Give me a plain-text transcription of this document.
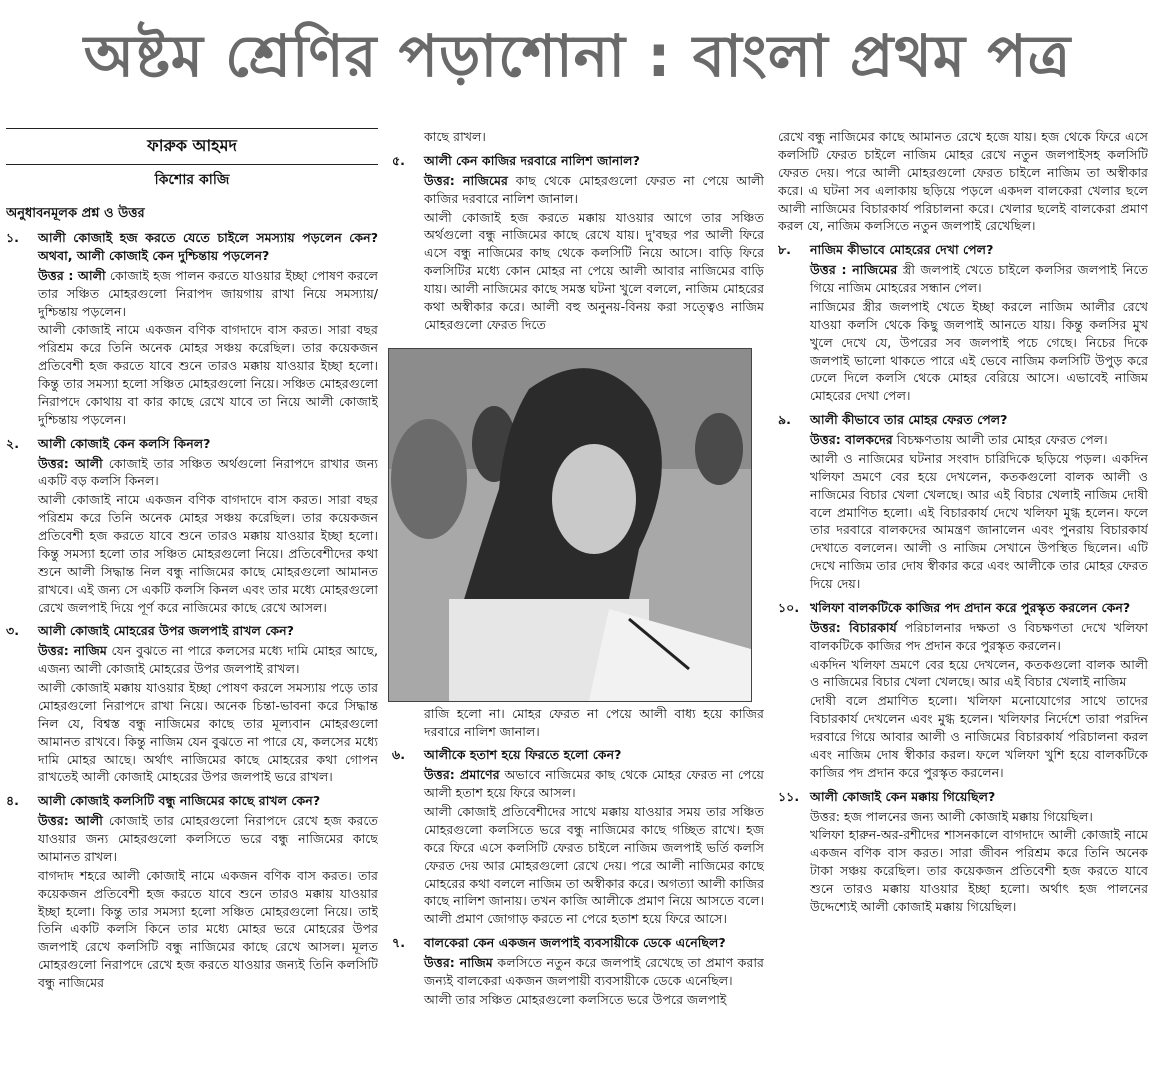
অষ্টম শ্রেণির পড়াশোনা : বাংলা প্রথম পত্র
ফারুক আহমদ
কিশোর কাজি
অনুধাবনমূলক প্রশ্ন ও উত্তর
১.	আলী কোজাই হজ করতে যেতে চাইলে সমস্যায় পড়লেন কেন? অথবা, আলী কোজাই কেন দুশ্চিন্তায় পড়লেন?
উত্তর : আলী কোজাই হজ পালন করতে যাওয়ার ইচ্ছা পোষণ করলে তার সঞ্চিত মোহরগুলো নিরাপদ জায়গায় রাখা নিয়ে সমস্যায়/দুশ্চিন্তায় পড়লেন।
আলী কোজাই নামে একজন বণিক বাগদাদে বাস করত। সারা বছর পরিশ্রম করে তিনি অনেক মোহর সঞ্চয় করেছিল। তার কয়েকজন প্রতিবেশী হজ করতে যাবে শুনে তারও মক্কায় যাওয়ার ইচ্ছা হলো। কিন্তু তার সমস্যা হলো সঞ্চিত মোহরগুলো নিয়ে। সঞ্চিত মোহরগুলো নিরাপদে কোথায় বা কার কাছে রেখে যাবে তা নিয়ে আলী কোজাই দুশ্চিন্তায় পড়লেন।
২.	আলী কোজাই কেন কলসি কিনল?
উত্তর: আলী কোজাই তার সঞ্চিত অর্থগুলো নিরাপদে রাখার জন্য একটি বড় কলসি কিনল।
আলী কোজাই নামে একজন বণিক বাগদাদে বাস করত। সারা বছর পরিশ্রম করে তিনি অনেক মোহর সঞ্চয় করেছিল। তার কয়েকজন প্রতিবেশী হজ করতে যাবে শুনে তারও মক্কায় যাওয়ার ইচ্ছা হলো। কিন্তু সমস্যা হলো তার সঞ্চিত মোহরগুলো নিয়ে। প্রতিবেশীদের কথা শুনে আলী সিদ্ধান্ত নিল বন্ধু নাজিমের কাছে মোহরগুলো আমানত রাখবে। এই জন্য সে একটি কলসি কিনল এবং তার মধ্যে মোহরগুলো রেখে জলপাই দিয়ে পূর্ণ করে নাজিমের কাছে রেখে আসল।
৩.	আলী কোজাই মোহরের উপর জলপাই রাখল কেন?
উত্তর: নাজিম যেন বুঝতে না পারে কলসের মধ্যে দামি মোহর আছে, এজন্য আলী কোজাই মোহরের উপর জলপাই রাখল।
আলী কোজাই মক্কায় যাওয়ার ইচ্ছা পোষণ করলে সমস্যায় পড়ে তার মোহরগুলো নিরাপদে রাখা নিয়ে। অনেক চিন্তা-ভাবনা করে সিদ্ধান্ত নিল যে, বিশ্বস্ত বন্ধু নাজিমের কাছে তার মূল্যবান মোহরগুলো আমানত রাখবে। কিন্তু নাজিম যেন বুঝতে না পারে যে, কলসের মধ্যে দামি মোহর আছে। অর্থাৎ নাজিমের কাছে মোহরের কথা গোপন রাখতেই আলী কোজাই মোহরের উপর জলপাই ভরে রাখল।
৪.	আলী কোজাই কলসিটি বন্ধু নাজিমের কাছে রাখল কেন?
উত্তর: আলী কোজাই তার মোহরগুলো নিরাপদে রেখে হজ করতে যাওয়ার জন্য মোহরগুলো কলসিতে ভরে বন্ধু নাজিমের কাছে আমানত রাখল।
বাগদাদ শহরে আলী কোজাই নামে একজন বণিক বাস করত। তার কয়েকজন প্রতিবেশী হজ করতে যাবে শুনে তারও মক্কায় যাওয়ার ইচ্ছা হলো। কিন্তু তার সমস্যা হলো সঞ্চিত মোহরগুলো নিয়ে। তাই তিনি একটি কলসি কিনে তার মধ্যে মোহর ভরে মোহরের উপর জলপাই রেখে কলসিটি বন্ধু নাজিমের কাছে রেখে আসল। মূলত মোহরগুলো নিরাপদে রেখে হজ করতে যাওয়ার জন্যই তিনি কলসিটি বন্ধু নাজিমের
কাছে রাখল।
৫.	আলী কেন কাজির দরবারে নালিশ জানাল?
উত্তর: নাজিমের কাছ থেকে মোহরগুলো ফেরত না পেয়ে আলী কাজির দরবারে নালিশ জানাল।
আলী কোজাই হজ করতে মক্কায় যাওয়ার আগে তার সঞ্চিত অর্থগুলো বন্ধু নাজিমের কাছে রেখে যায়। দু'বছর পর আলী ফিরে এসে বন্ধু নাজিমের কাছ থেকে কলসিটি নিয়ে আসে। বাড়ি ফিরে কলসিটির মধ্যে কোন মোহর না পেয়ে আলী আবার নাজিমের বাড়ি যায়। আলী নাজিমের কাছে সমস্ত ঘটনা খুলে বললে, নাজিম মোহরের কথা অস্বীকার করে। আলী বহু অনুনয়-বিনয় করা সত্ত্বেও নাজিম মোহরগুলো ফেরত দিতে
রাজি হলো না। মোহর ফেরত না পেয়ে আলী বাধ্য হয়ে কাজির দরবারে নালিশ জানাল।
৬.	আলীকে হতাশ হয়ে ফিরতে হলো কেন?
উত্তর: প্রমাণের অভাবে নাজিমের কাছ থেকে মোহর ফেরত না পেয়ে আলী হতাশ হয়ে ফিরে আসল।
আলী কোজাই প্রতিবেশীদের সাথে মক্কায় যাওয়ার সময় তার সঞ্চিত মোহরগুলো কলসিতে ভরে বন্ধু নাজিমের কাছে গচ্ছিত রাখে। হজ করে ফিরে এসে কলসিটি ফেরত চাইলে নাজিম জলপাই ভর্তি কলসি ফেরত দেয় আর মোহরগুলো রেখে দেয়। পরে আলী নাজিমের কাছে মোহরের কথা বললে নাজিম তা অস্বীকার করে। অগত্যা আলী কাজির কাছে নালিশ জানায়। তখন কাজি আলীকে প্রমাণ নিয়ে আসতে বলে। আলী প্রমাণ জোগাড় করতে না পেরে হতাশ হয়ে ফিরে আসে।
৭.	বালকেরা কেন একজন জলপাই ব্যবসায়ীকে ডেকে এনেছিল?
উত্তর: নাজিম কলসিতে নতুন করে জলপাই রেখেছে তা প্রমাণ করার জন্যই বালকেরা একজন জলপায়ী ব্যবসায়ীকে ডেকে এনেছিল।
আলী তার সঞ্চিত মোহরগুলো কলসিতে ভরে উপরে জলপাই
রেখে বন্ধু নাজিমের কাছে আমানত রেখে হজে যায়। হজ থেকে ফিরে এসে কলসিটি ফেরত চাইলে নাজিম মোহর রেখে নতুন জলপাইসহ কলসিটি ফেরত দেয়। পরে আলী মোহরগুলো ফেরত চাইলে নাজিম তা অস্বীকার করে। এ ঘটনা সব এলাকায় ছড়িয়ে পড়লে একদল বালকেরা খেলার ছলে আলী নাজিমের বিচারকার্য পরিচালনা করে। খেলার ছলেই বালকেরা প্রমাণ করল যে, নাজিম কলসিতে নতুন জলপাই রেখেছিল।
৮.	নাজিম কীভাবে মোহরের দেখা পেল?
উত্তর : নাজিমের স্ত্রী জলপাই খেতে চাইলে কলসির জলপাই নিতে গিয়ে নাজিম মোহরের সন্ধান পেল।
নাজিমের স্ত্রীর জলপাই খেতে ইচ্ছা করলে নাজিম আলীর রেখে যাওয়া কলসি থেকে কিছু জলপাই আনতে যায়। কিন্তু কলসির মুখ খুলে দেখে যে, উপরের সব জলপাই পচে গেছে। নিচের দিকে জলপাই ভালো থাকতে পারে এই ভেবে নাজিম কলসিটি উপুড় করে ঢেলে দিলে কলসি থেকে মোহর বেরিয়ে আসে। এভাবেই নাজিম মোহরের দেখা পেল।
৯.	আলী কীভাবে তার মোহর ফেরত পেল?
উত্তর: বালকদের বিচক্ষণতায় আলী তার মোহর ফেরত পেল।
আলী ও নাজিমের ঘটনার সংবাদ চারিদিকে ছড়িয়ে পড়ল। একদিন খলিফা ভ্রমণে বের হয়ে দেখলেন, কতকগুলো বালক আলী ও নাজিমের বিচার খেলা খেলছে। আর এই বিচার খেলাই নাজিম দোষী বলে প্রমাণিত হলো। এই বিচারকার্য দেখে খলিফা মুগ্ধ হলেন। ফলে তার দরবারে বালকদের আমন্ত্রণ জানালেন এবং পুনরায় বিচারকার্য দেখাতে বললেন। আলী ও নাজিম সেখানে উপস্থিত ছিলেন। এটি দেখে নাজিম তার দোষ স্বীকার করে এবং আলীকে তার মোহর ফেরত দিয়ে দেয়।
১০. খলিফা বালকটিকে কাজির পদ প্রদান করে পুরস্কৃত করলেন কেন?
উত্তর: বিচারকার্য পরিচালনার দক্ষতা ও বিচক্ষণতা দেখে খলিফা বালকটিকে কাজির পদ প্রদান করে পুরস্কৃত করলেন।
একদিন খলিফা ভ্রমণে বের হয়ে দেখলেন, কতকগুলো বালক আলী ও নাজিমের বিচার খেলা খেলছে। আর এই বিচার খেলাই নাজিম
দোষী বলে প্রমাণিত হলো। খলিফা মনোযোগের সাথে তাদের বিচারকার্য দেখলেন এবং মুগ্ধ হলেন। খলিফার নির্দেশে তারা পরদিন দরবারে গিয়ে আবার আলী ও নাজিমের বিচারকার্য পরিচালনা করল এবং নাজিম দোষ স্বীকার করল। ফলে খলিফা খুশি হয়ে বালকটিকে কাজির পদ প্রদান করে পুরস্কৃত করলেন।
১১. আলী কোজাই কেন মক্কায় গিয়েছিল?
উত্তর: হজ পালনের জন্য আলী কোজাই মক্কায় গিয়েছিল।
খলিফা হারুন-অর-রশীদের শাসনকালে বাগদাদে আলী কোজাই নামে একজন বণিক বাস করত। সারা জীবন পরিশ্রম করে তিনি অনেক টাকা সঞ্চয় করেছিল। তার কয়েকজন প্রতিবেশী হজ করতে যাবে শুনে তারও মক্কায় যাওয়ার ইচ্ছা হলো। অর্থাৎ হজ পালনের উদ্দেশ্যেই আলী কোজাই মক্কায় গিয়েছিল।
